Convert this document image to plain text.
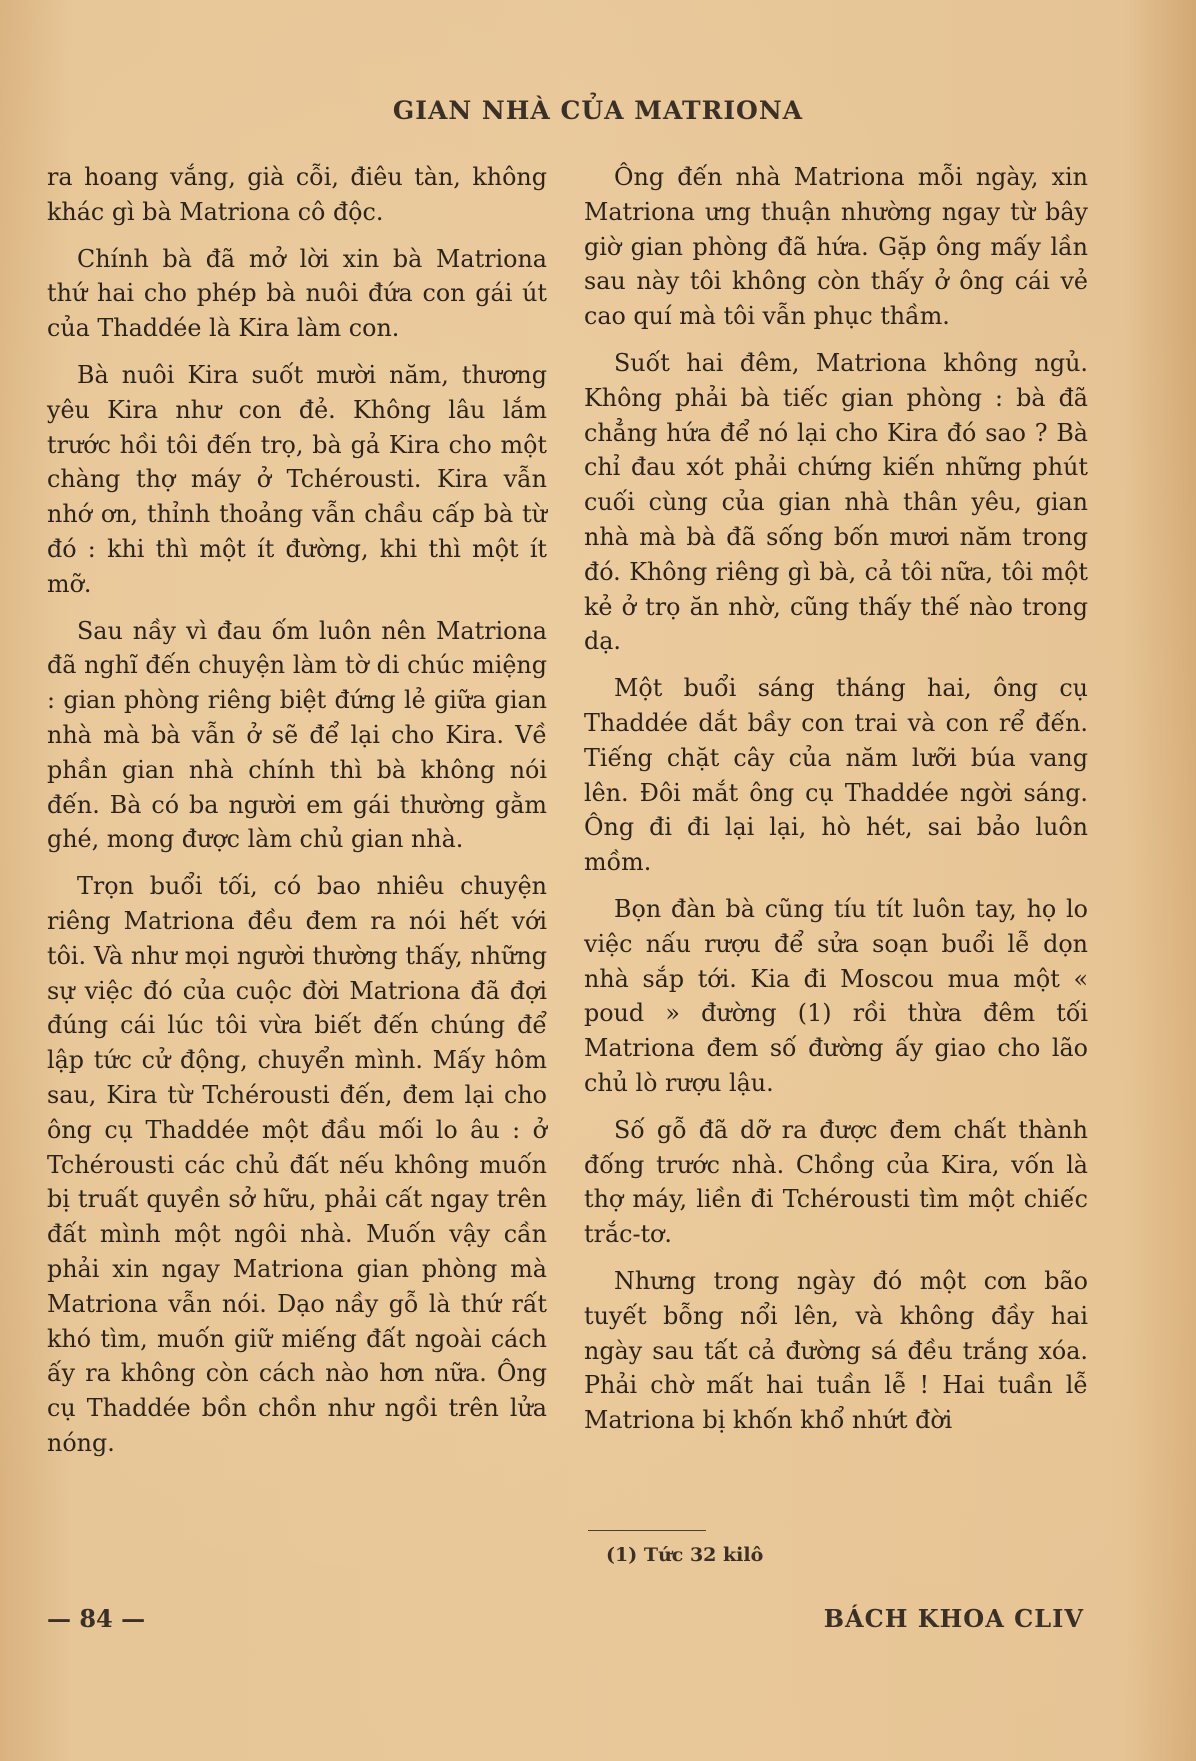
GIAN NHÀ CỦA MATRIONA

ra hoang vắng, già cỗi, điêu tàn, không khác gì bà Matriona cô độc.

Chính bà đã mở lời xin bà Matriona thứ hai cho phép bà nuôi đứa con gái út của Thaddée là Kira làm con.

Bà nuôi Kira suốt mười năm, thương yêu Kira như con đẻ. Không lâu lắm trước hồi tôi đến trọ, bà gả Kira cho một chàng thợ máy ở Tchérousti. Kira vẫn nhớ ơn, thỉnh thoảng vẫn chầu cấp bà từ đó : khi thì một ít đường, khi thì một ít mỡ.

Sau nầy vì đau ốm luôn nên Matriona đã nghĩ đến chuyện làm tờ di chúc miệng : gian phòng riêng biệt đứng lẻ giữa gian nhà mà bà vẫn ở sẽ để lại cho Kira. Về phần gian nhà chính thì bà không nói đến. Bà có ba người em gái thường gằm ghé, mong được làm chủ gian nhà.

Trọn buổi tối, có bao nhiêu chuyện riêng Matriona đều đem ra nói hết với tôi. Và như mọi người thường thấy, những sự việc đó của cuộc đời Matriona đã đợi đúng cái lúc tôi vừa biết đến chúng để lập tức cử động, chuyển mình. Mấy hôm sau, Kira từ Tchérousti đến, đem lại cho ông cụ Thaddée một đầu mối lo âu : ở Tchérousti các chủ đất nếu không muốn bị truất quyền sở hữu, phải cất ngay trên đất mình một ngôi nhà. Muốn vậy cần phải xin ngay Matriona gian phòng mà Matriona vẫn nói. Dạo nầy gỗ là thứ rất khó tìm, muốn giữ miếng đất ngoài cách ấy ra không còn cách nào hơn nữa. Ông cụ Thaddée bồn chồn như ngồi trên lửa nóng.

Ông đến nhà Matriona mỗi ngày, xin Matriona ưng thuận nhường ngay từ bây giờ gian phòng đã hứa. Gặp ông mấy lần sau này tôi không còn thấy ở ông cái vẻ cao quí mà tôi vẫn phục thầm.

Suốt hai đêm, Matriona không ngủ. Không phải bà tiếc gian phòng : bà đã chẳng hứa để nó lại cho Kira đó sao ? Bà chỉ đau xót phải chứng kiến những phút cuối cùng của gian nhà thân yêu, gian nhà mà bà đã sống bốn mươi năm trong đó. Không riêng gì bà, cả tôi nữa, tôi một kẻ ở trọ ăn nhờ, cũng thấy thế nào trong dạ.

Một buổi sáng tháng hai, ông cụ Thaddée dắt bầy con trai và con rể đến. Tiếng chặt cây của năm lưỡi búa vang lên. Đôi mắt ông cụ Thaddée ngời sáng. Ông đi đi lại lại, hò hét, sai bảo luôn mồm.

Bọn đàn bà cũng tíu tít luôn tay, họ lo việc nấu rượu để sửa soạn buổi lễ dọn nhà sắp tới. Kia đi Moscou mua một « poud » đường (1) rồi thừa đêm tối Matriona đem số đường ấy giao cho lão chủ lò rượu lậu.

Số gỗ đã dỡ ra được đem chất thành đống trước nhà. Chồng của Kira, vốn là thợ máy, liền đi Tchérousti tìm một chiếc trắc-tơ.

Nhưng trong ngày đó một cơn bão tuyết bỗng nổi lên, và không đầy hai ngày sau tất cả đường sá đều trắng xóa. Phải chờ mất hai tuần lễ ! Hai tuần lễ Matriona bị khốn khổ nhứt đời

(1) Tức 32 kilô
— 84 —	BÁCH KHOA CLIV
